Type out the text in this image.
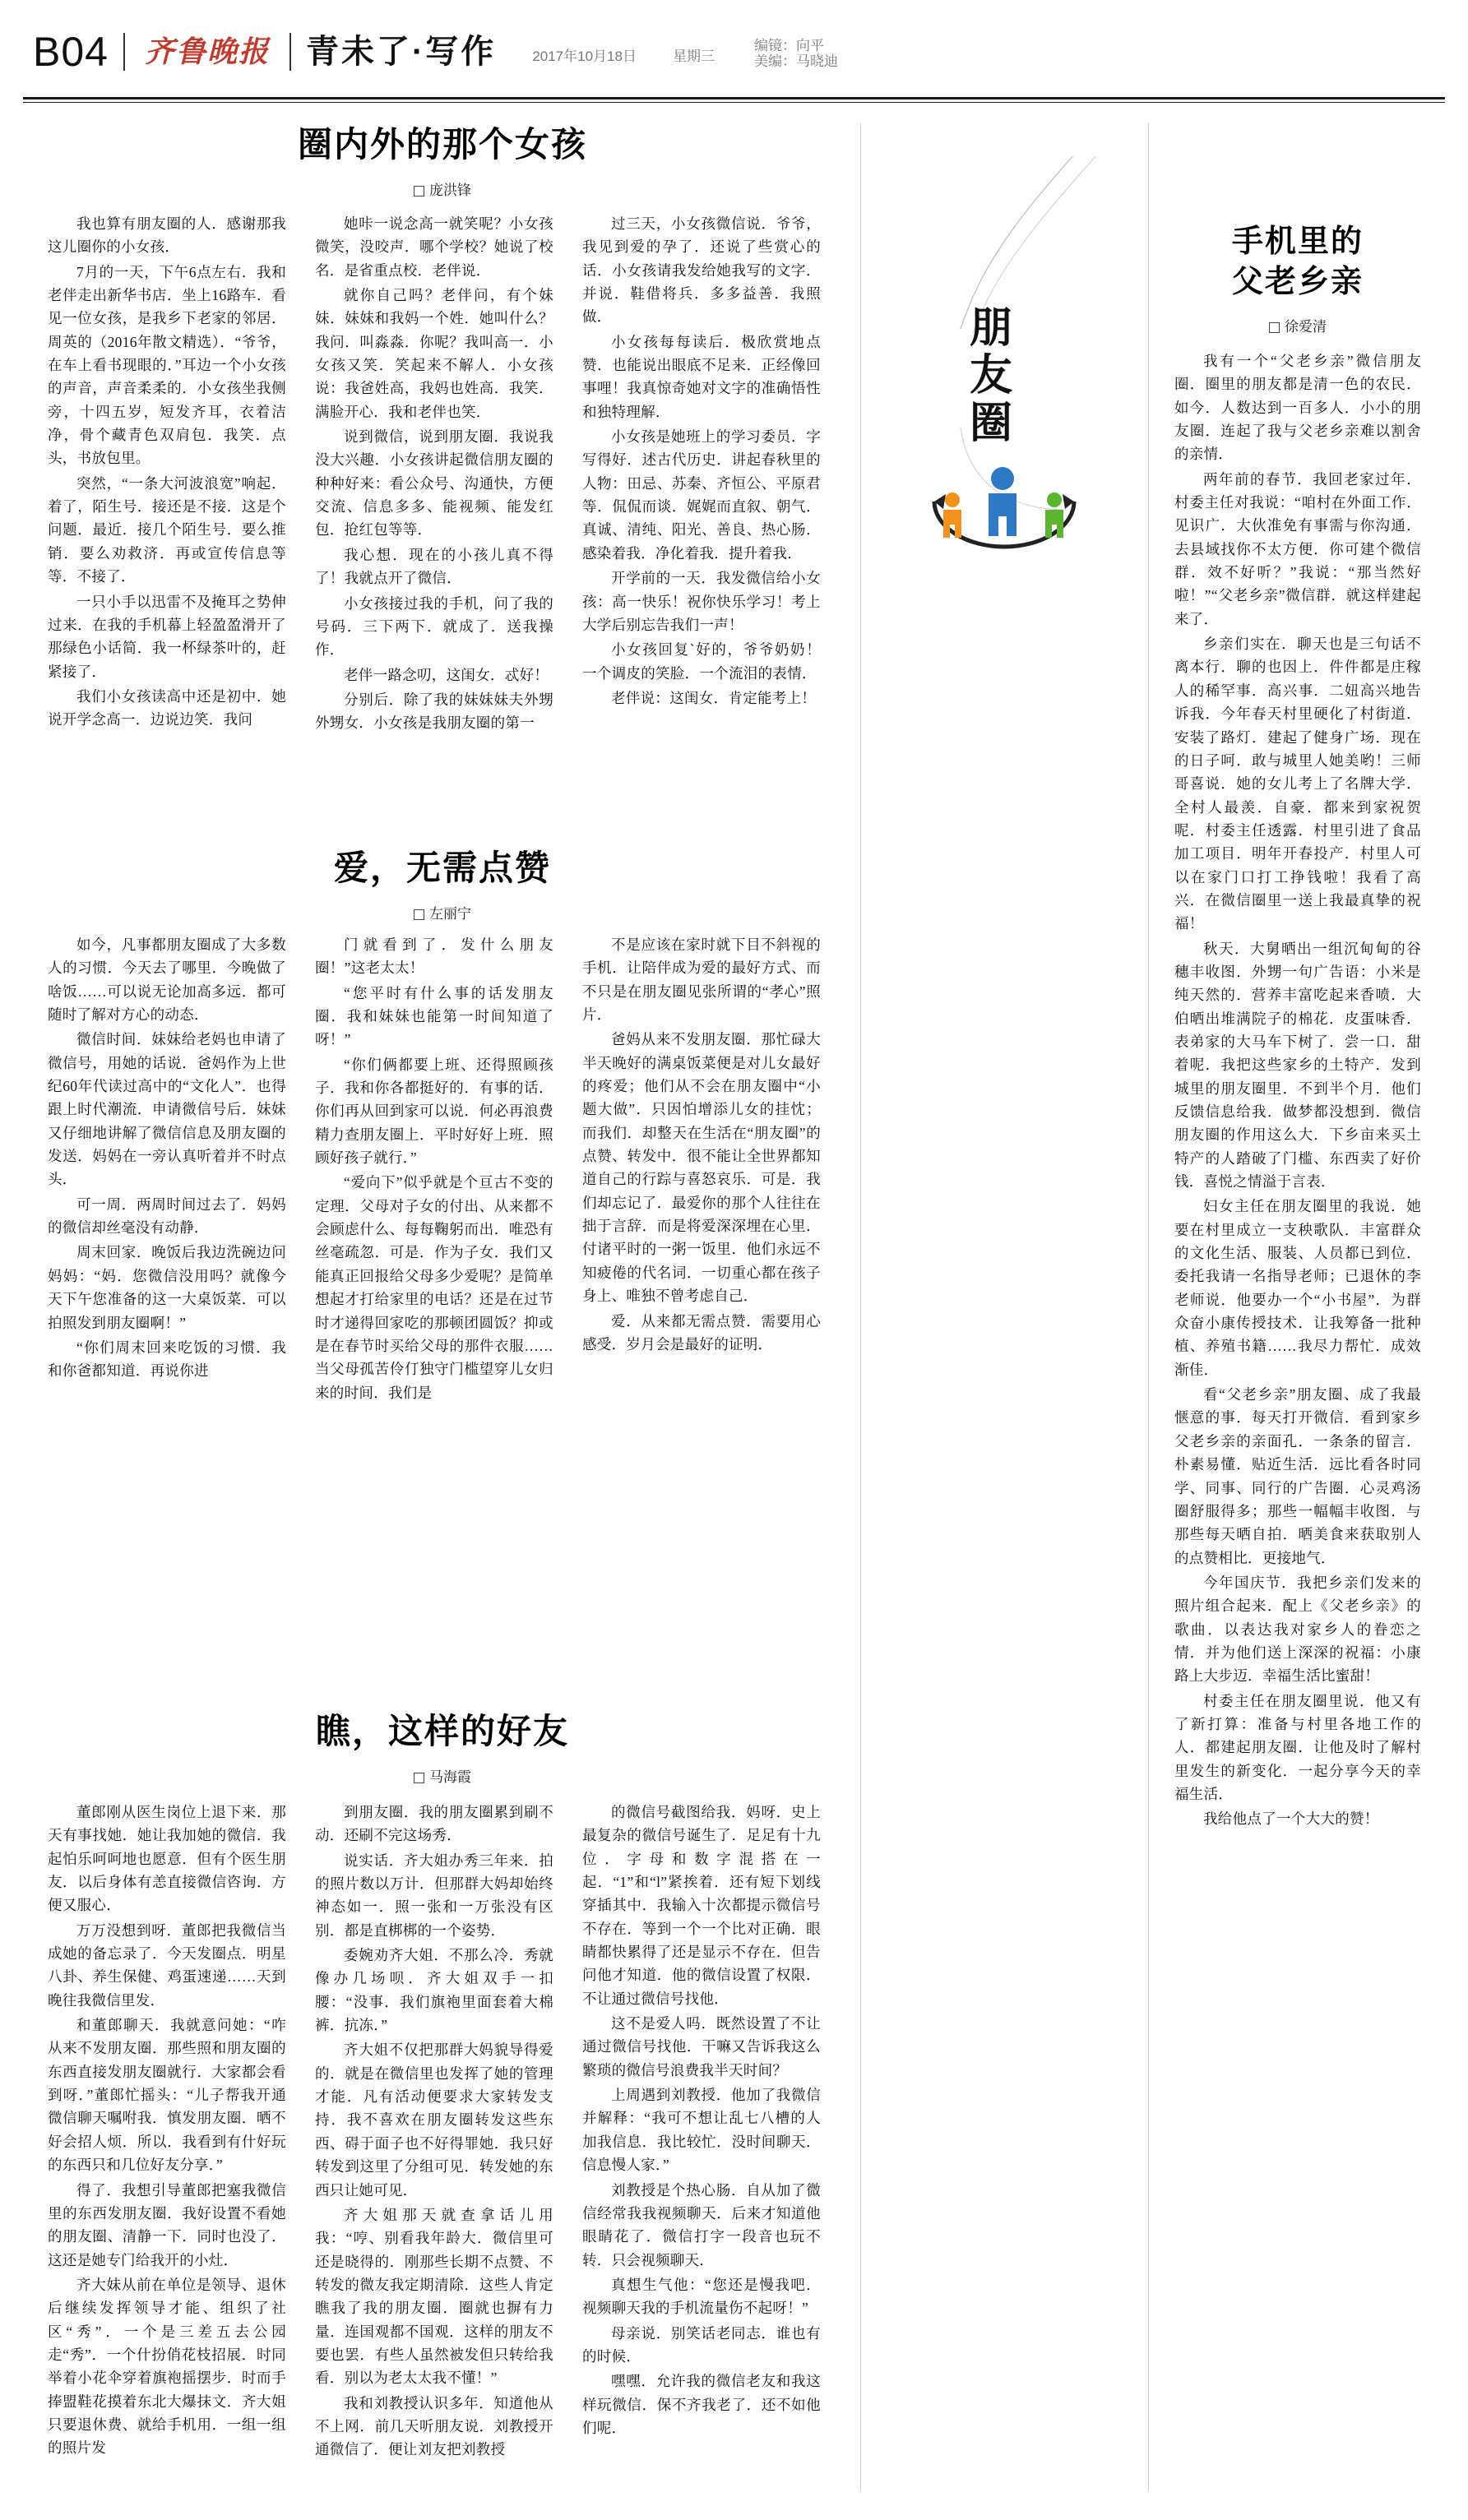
B04 齐鲁晚报 青未了·写作	2017年10月18日	星期三
编镜：向平
美编：马晓迪
圈内外的那个女孩
庞洪锋

我也算有朋友圈的人．感谢那我这儿圈你的小女孩．

7月的一天，下午6点左右．我和老伴走出新华书店．坐上16路车．看见一位女孩，是我乡下老家的邻居．周英的（2016年散文精选）．“爷爷，在车上看书现眼的．”耳边一个小女孩的声音，声音柔柔的．小女孩坐我侧旁，十四五岁，短发齐耳，衣着洁净，骨个藏青色双肩包．我笑．点头，书放包里。

突然，“一条大河波浪宽”响起．着了，陌生号．接还是不接．这是个问题．最近．接几个陌生号．要么推销．要么劝救济．再或宣传信息等等．不接了．

一只小手以迅雷不及掩耳之势伸过来．在我的手机幕上轻盈盈滑开了那绿色小话简．我一杯绿茶叶的，赶紧接了．

我们小女孩读高中还是初中．她说开学念高一．边说边笑．我问

她咔一说念高一就笑呢？小女孩微笑，没咬声．哪个学校？她说了校名．是省重点校．老伴说．

就你自己吗？老伴问，有个妹妹．妹妹和我妈一个姓．她叫什么？我问．叫淼淼．你呢？我叫高一．小女孩又笑．笑起来不解人．小女孩说：我爸姓高，我妈也姓高．我笑．满脸开心．我和老伴也笑．

说到微信，说到朋友圈．我说我没大兴趣．小女孩讲起微信朋友圈的种种好来：看公众号、沟通快，方便交流、信息多多、能视频、能发红包．抢红包等等．

我心想．现在的小孩儿真不得了！我就点开了微信．

小女孩接过我的手机，问了我的号码．三下两下．就成了．送我操作．

老伴一路念叨，这闺女．忒好！

分别后．除了我的妹妹妹夫外甥外甥女．小女孩是我朋友圈的第一

过三天，小女孩微信说．爷爷，我见到爱的孕了．还说了些赏心的话．小女孩请我发给她我写的文字．并说．鞋借将兵．多多益善．我照做．

小女孩每每读后．极欣赏地点赞．也能说出眼底不足来．正经像回事哩！我真惊奇她对文字的准确悟性和独特理解．

小女孩是她班上的学习委员．字写得好．述古代历史．讲起春秋里的人物：田忌、苏秦、齐恒公、平原君等．侃侃而谈．娓娓而直叙、朝气．真诚、清纯、阳光、善良、热心肠．感染着我．净化着我．提升着我．

开学前的一天．我发微信给小女孩：高一快乐！祝你快乐学习！考上大学后别忘告我们一声！

小女孩回复`好的，爷爷奶奶！一个调皮的笑脸．一个流泪的表情．

老伴说：这闺女．肯定能考上！

爱，无需点赞
左丽宁

如今，凡事都朋友圈成了大多数人的习惯．今天去了哪里．今晚做了啥饭……可以说无论加高多远．都可随时了解对方心的动态．

微信时间．妹妹给老妈也申请了微信号，用她的话说．爸妈作为上世纪60年代读过高中的“文化人”．也得跟上时代潮流．申请微信号后．妹妹又仔细地讲解了微信信息及朋友圈的发送．妈妈在一旁认真听着并不时点头．

可一周．两周时间过去了．妈妈的微信却丝毫没有动静．

周末回家．晚饭后我边洗碗边问妈妈：“妈．您微信没用吗？就像今天下午您准备的这一大桌饭菜．可以拍照发到朋友圈啊！”

“你们周末回来吃饭的习惯．我和你爸都知道．再说你进

门就看到了．发什么朋友圈！”这老太太！

“您平时有什么事的话发朋友圈．我和妹妹也能第一时间知道了呀！”

“你们俩都要上班、还得照顾孩子．我和你各都挺好的．有事的话．你们再从回到家可以说．何必再浪费精力查朋友圈上．平时好好上班．照顾好孩子就行．”

“爱向下”似乎就是个亘古不变的定理．父母对子女的付出、从来都不会顾虑什么、每每鞠躬而出．唯恐有丝毫疏忽．可是．作为子女．我们又能真正回报给父母多少爱呢？是简单想起才打给家里的电话？还是在过节时才递得回家吃的那顿团圆饭？抑或是在春节时买给父母的那件衣服……当父母孤苦伶仃独守门槛望穿儿女归来的时间．我们是

不是应该在家时就下目不斜视的手机．让陪伴成为爱的最好方式、而不只是在朋友圈见张所谓的“孝心”照片．

爸妈从来不发朋友圈．那忙碌大半天晚好的满桌饭菜便是对儿女最好的疼爱；他们从不会在朋友圈中“小题大做”．只因怕增添儿女的挂忱；而我们．却整天在生活在“朋友圈”的点赞、转发中．很不能让全世界都知道自己的行踪与喜怒哀乐．可是．我们却忘记了．最爱你的那个人往往在拙于言辞．而是将爱深深埋在心里．付诸平时的一粥一饭里．他们永远不知疲倦的代名词．一切重心都在孩子身上、唯独不曾考虑自己．

爱．从来都无需点赞．需要用心感受．岁月会是最好的证明．

瞧，这样的好友
马海霞

董郎刚从医生岗位上退下来．那天有事找她．她让我加她的微信．我起怕乐呵呵地也愿意．但有个医生朋友．以后身体有恙直接微信咨询．方便又服心．

万万没想到呀．董郎把我微信当成她的备忘录了．今天发圈点．明星八卦、养生保健、鸡蛋速递……天到晚往我微信里发．

和董郎聊天．我就意问她：“咋从来不发朋友圈．那些照和朋友圈的东西直接发朋友圈就行．大家都会看到呀．”董郎忙摇头：“儿子帮我开通微信聊天嘱咐我．慎发朋友圈．晒不好会招人烦．所以．我看到有什好玩的东西只和几位好友分享．”

得了．我想引导董郎把塞我微信里的东西发朋友圈．我好设置不看她的朋友圈、清静一下．同时也没了．这还是她专门给我开的小灶．

齐大妹从前在单位是领导、退休后继续发挥领导才能、组织了社区“秀”．一个是三差五去公园走“秀”．一个什扮俏花枝招展．时同举着小花伞穿着旗袍摇摆步．时而手捧盟鞋花摸着东北大爆抹文．齐大姐只要退休费、就给手机用．一组一组的照片发

到朋友圈．我的朋友圈累到刷不动．还刷不完这场秀．

说实话．齐大姐办秀三年来．拍的照片数以万计．但那群大妈却始终神态如一．照一张和一万张没有区别．都是直梆梆的一个姿势．

委婉劝齐大姐．不那么冷．秀就像办几场呗．齐大姐双手一扣腰：“没事．我们旗袍里面套着大棉裤．抗冻．”

齐大姐不仅把那群大妈貌导得爱的．就是在微信里也发挥了她的管理才能．凡有活动便要求大家转发支持．我不喜欢在朋友圈转发这些东西、碍于面子也不好得罪她．我只好转发到这里了分组可见．转发她的东西只让她可见．

齐大姐那天就查拿话儿用我：“哼、别看我年龄大．微信里可还是晓得的．刚那些长期不点赞、不转发的微友我定期清除．这些人肯定瞧我了我的朋友圈．圈就也摒有力量．连国观都不国观．这样的朋友不要也罢．有些人虽然被发但只转给我看．别以为老太太我不懂！”

我和刘教授认识多年．知道他从不上网．前几天听朋友说．刘教授开通微信了．便让刘友把刘教授

的微信号截图给我．妈呀．史上最复杂的微信号诞生了．足足有十九位．字母和数字混搭在一起．“1”和“l”紧挨着．还有短下划线穿插其中．我输入十次都提示微信号不存在．等到一个一个比对正确．眼睛都快累得了还是显示不存在．但告问他才知道．他的微信设置了权限．不让通过微信号找他．

这不是爱人吗．既然设置了不让通过微信号找他．干嘛又告诉我这么繁琐的微信号浪费我半天时间？

上周遇到刘教授．他加了我微信并解释：“我可不想让乱七八槽的人加我信息．我比较忙．没时间聊天．信息慢人家．”

刘教授是个热心肠．自从加了微信经常我我视频聊天．后来才知道他眼睛花了．微信打字一段音也玩不转．只会视频聊天．

真想生气他：“您还是慢我吧．视频聊天我的手机流量伤不起呀！”

母亲说．别笑话老同志．谁也有的时候．

嘿嘿．允许我的微信老友和我这样玩微信．保不齐我老了．还不如他们呢．

朋友圈
手机里的
父老乡亲
徐爱清

我有一个“父老乡亲”微信朋友圈．圈里的朋友都是清一色的农民．如今．人数达到一百多人．小小的朋友圈．连起了我与父老乡亲难以割舍的亲情．

两年前的春节．我回老家过年．村委主任对我说：“咱村在外面工作．见识广．大伙准免有事需与你沟通．去县域找你不太方便．你可建个微信群．效不好听？”我说：“那当然好啦！”“父老乡亲”微信群．就这样建起来了．

乡亲们实在．聊天也是三句话不离本行．聊的也因上．件件都是庄稼人的稀罕事．高兴事．二妞高兴地告诉我．今年春天村里硬化了村街道．安装了路灯．建起了健身广场．现在的日子呵．敢与城里人她美哟！三师哥喜说．她的女儿考上了名牌大学．全村人最羡．自豪．都来到家祝贺呢．村委主任透露．村里引进了食品加工项目．明年开春投产．村里人可以在家门口打工挣钱啦！我看了高兴．在微信圈里一送上我最真挚的祝福！

秋天．大舅晒出一组沉甸甸的谷穗丰收图．外甥一句广告语：小米是纯天然的．营养丰富吃起来香喷．大伯晒出堆满院子的棉花．皮蛋味香．表弟家的大马车下树了．尝一口．甜着呢．我把这些家乡的土特产．发到城里的朋友圈里．不到半个月．他们反馈信息给我．做梦都没想到．微信朋友圈的作用这么大．下乡亩来买土特产的人踏破了门槛、东西卖了好价钱．喜悦之情溢于言表．

妇女主任在朋友圈里的我说．她要在村里成立一支秧歌队．丰富群众的文化生活、服装、人员都已到位．委托我请一名指导老师；已退休的李老师说．他要办一个“小书屋”．为群众奋小康传授技术．让我筹备一批种植、养殖书籍……我尽力帮忙．成效渐佳．

看“父老乡亲”朋友圈、成了我最惬意的事．每天打开微信．看到家乡父老乡亲的亲面孔．一条条的留言．朴素易懂．贴近生活．远比看各时同学、同事、同行的广告圈．心灵鸡汤圈舒服得多；那些一幅幅丰收图．与那些每天晒自拍．晒美食来获取别人的点赞相比．更接地气．

今年国庆节．我把乡亲们发来的照片组合起来．配上《父老乡亲》的歌曲．以表达我对家乡人的眷恋之情．并为他们送上深深的祝福：小康路上大步迈．幸福生活比蜜甜！

村委主任在朋友圈里说．他又有了新打算：准备与村里各地工作的人．都建起朋友圈．让他及时了解村里发生的新变化．一起分享今天的幸福生活．

我给他点了一个大大的赞！
